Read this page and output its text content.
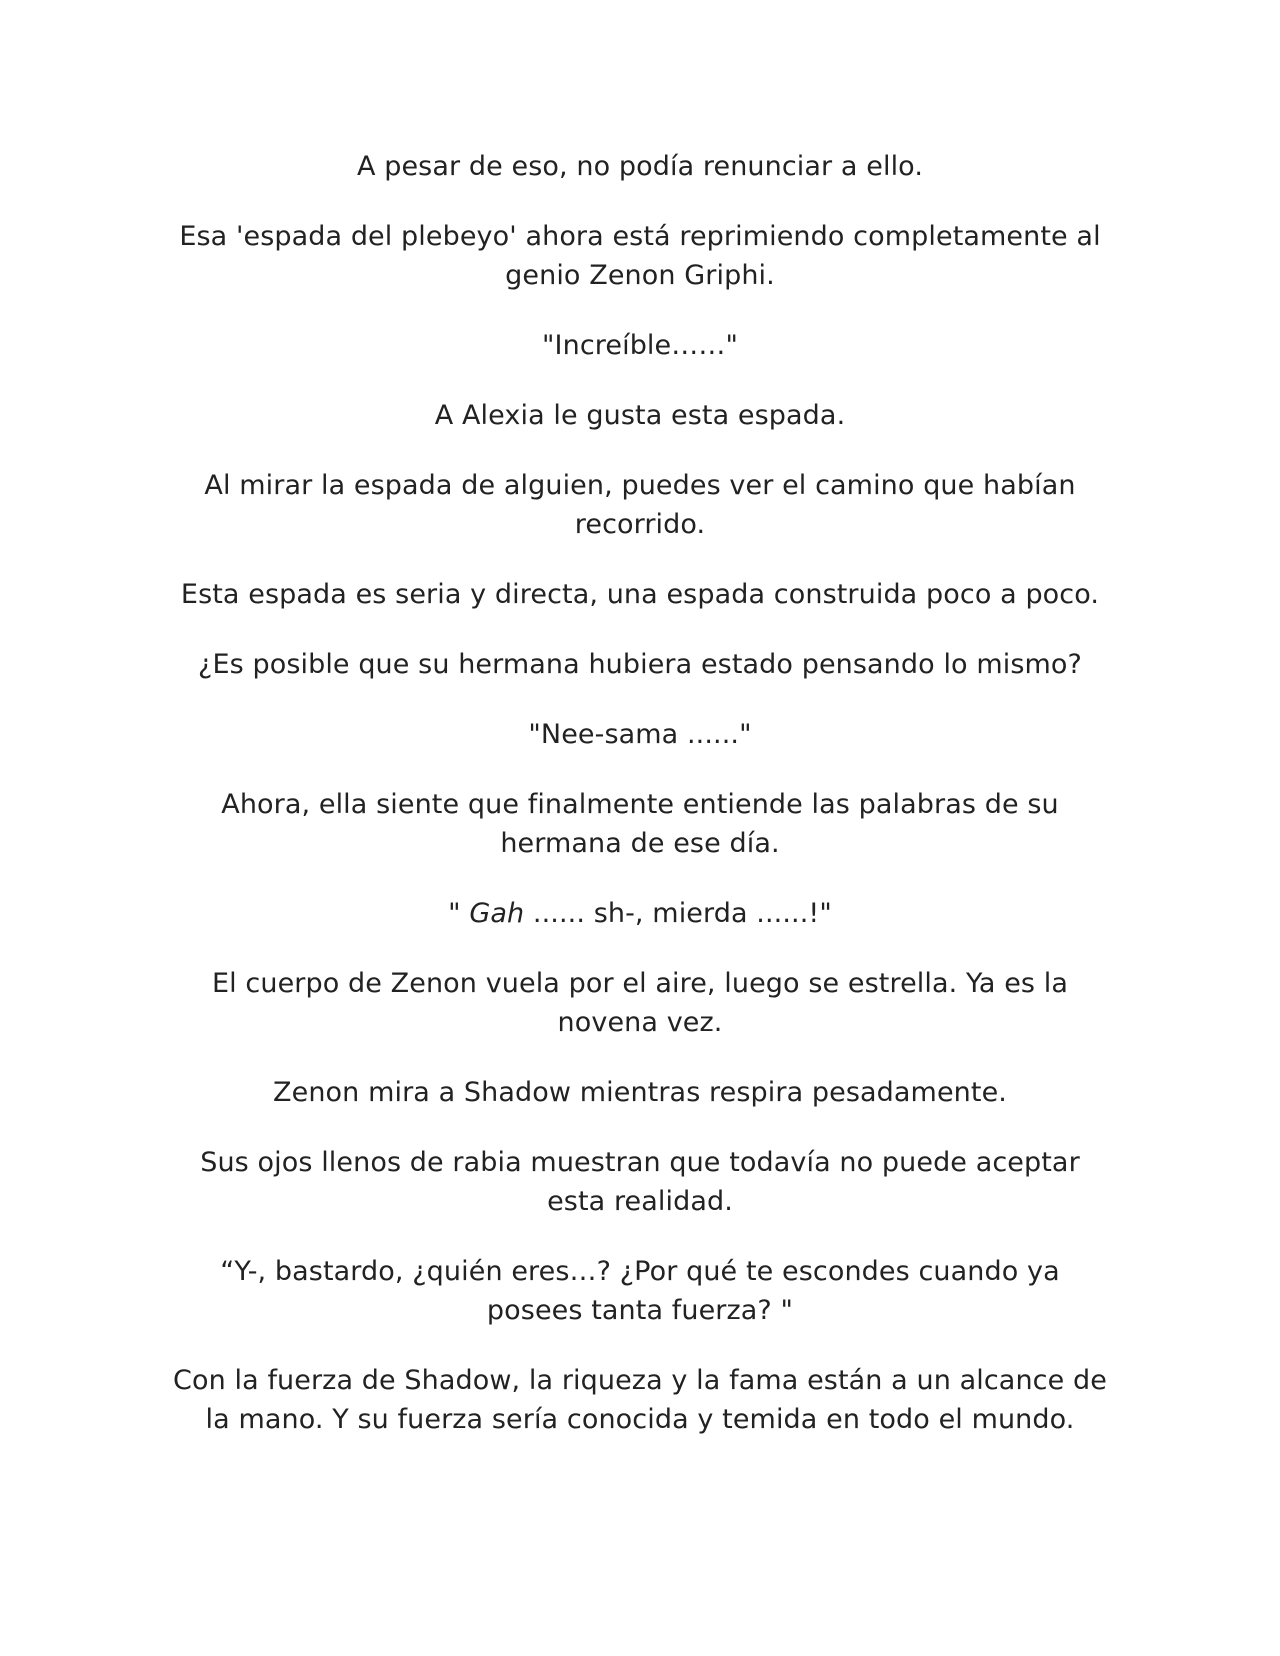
A pesar de eso, no podía renunciar a ello.

Esa 'espada del plebeyo' ahora está reprimiendo completamente al genio Zenon Griphi.

"Increíble……"

A Alexia le gusta esta espada.

Al mirar la espada de alguien, puedes ver el camino que habían recorrido.

Esta espada es seria y directa, una espada construida poco a poco.

¿Es posible que su hermana hubiera estado pensando lo mismo?

"Nee-sama ......"

Ahora, ella siente que finalmente entiende las palabras de su hermana de ese día.

" Gah ...... sh-, mierda ......!"

El cuerpo de Zenon vuela por el aire, luego se estrella. Ya es la novena vez.

Zenon mira a Shadow mientras respira pesadamente.

Sus ojos llenos de rabia muestran que todavía no puede aceptar esta realidad.

“Y-, bastardo, ¿quién eres…? ¿Por qué te escondes cuando ya posees tanta fuerza? "

Con la fuerza de Shadow, la riqueza y la fama están a un alcance de la mano. Y su fuerza sería conocida y temida en todo el mundo.
